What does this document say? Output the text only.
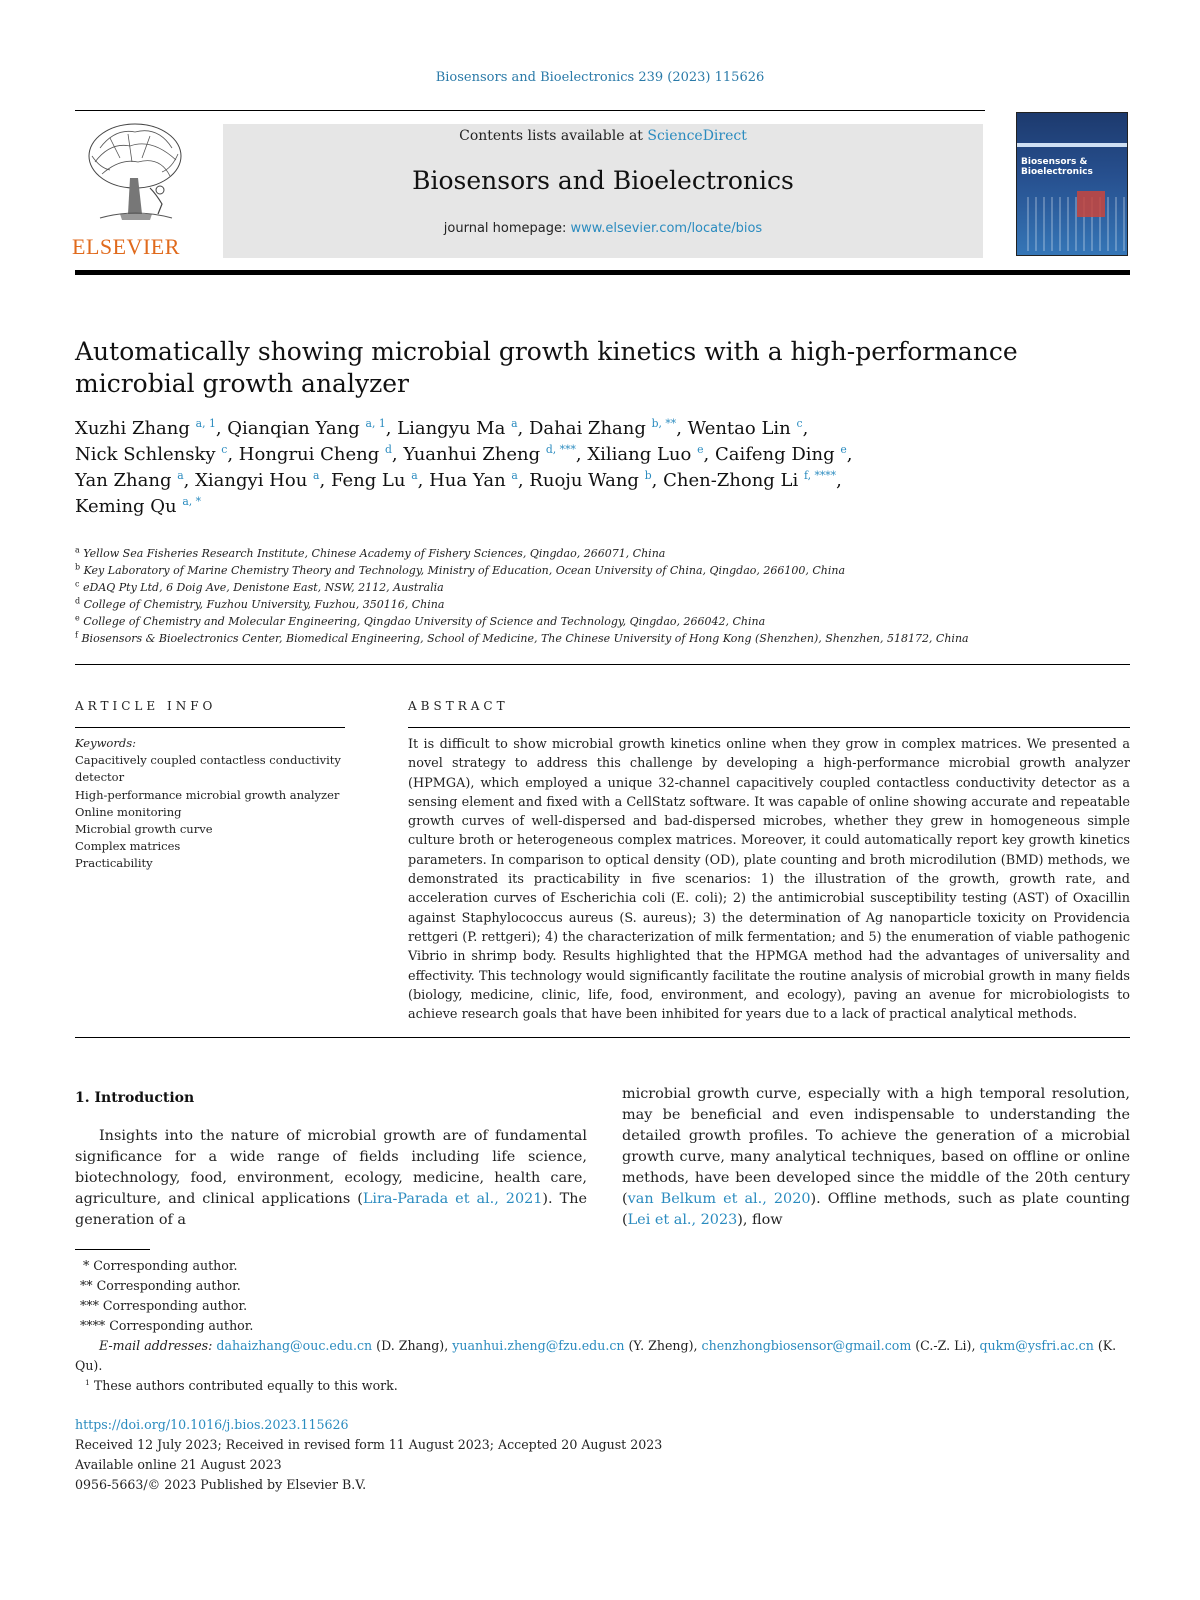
Biosensors and Bioelectronics 239 (2023) 115626
ELSEVIER
Contents lists available at ScienceDirect
Biosensors and Bioelectronics
journal homepage: www.elsevier.com/locate/bios
Biosensors & Bioelectronics
Automatically showing microbial growth kinetics with a high-performance
microbial growth analyzer
Xuzhi Zhang $^{a, 1}$, Qianqian Yang $^{a, 1}$, Liangyu Ma $^a$, Dahai Zhang $^{b, **}$, Wentao Lin $^c$,
Nick Schlensky $^c$, Hongrui Cheng $^d$, Yuanhui Zheng $^{d, ***}$, Xiliang Luo $^e$, Caifeng Ding $^e$,
Yan Zhang $^a$, Xiangyi Hou $^a$, Feng Lu $^a$, Hua Yan $^a$, Ruoju Wang $^b$, Chen-Zhong Li $^{f, ****}$,
Keming Qu $^{a, *}$
$^a$ Yellow Sea Fisheries Research Institute, Chinese Academy of Fishery Sciences, Qingdao, 266071, China
$^b$ Key Laboratory of Marine Chemistry Theory and Technology, Ministry of Education, Ocean University of China, Qingdao, 266100, China
$^c$ eDAQ Pty Ltd, 6 Doig Ave, Denistone East, NSW, 2112, Australia
$^d$ College of Chemistry, Fuzhou University, Fuzhou, 350116, China
$^e$ College of Chemistry and Molecular Engineering, Qingdao University of Science and Technology, Qingdao, 266042, China
$^f$ Biosensors & Bioelectronics Center, Biomedical Engineering, School of Medicine, The Chinese University of Hong Kong (Shenzhen), Shenzhen, 518172, China
ARTICLE INFO
Keywords:
Capacitively coupled contactless conductivity
detector
High-performance microbial growth analyzer
Online monitoring
Microbial growth curve
Complex matrices
Practicability
ABSTRACT
It is difficult to show microbial growth kinetics online when they grow in complex matrices. We presented a novel strategy to address this challenge by developing a high-performance microbial growth analyzer (HPMGA), which employed a unique 32-channel capacitively coupled contactless conductivity detector as a sensing element and fixed with a CellStatz software. It was capable of online showing accurate and repeatable growth curves of well-dispersed and bad-dispersed microbes, whether they grew in homogeneous simple culture broth or heterogeneous complex matrices. Moreover, it could automatically report key growth kinetics parameters. In comparison to optical density (OD), plate counting and broth microdilution (BMD) methods, we demonstrated its practicability in five scenarios: 1) the illustration of the growth, growth rate, and acceleration curves of Escherichia coli (E. coli); 2) the antimicrobial susceptibility testing (AST) of Oxacillin against Staphylococcus aureus (S. aureus); 3) the determination of Ag nanoparticle toxicity on Providencia rettgeri (P. rettgeri); 4) the characterization of milk fermentation; and 5) the enumeration of viable pathogenic Vibrio in shrimp body. Results highlighted that the HPMGA method had the advantages of universality and effectivity. This technology would significantly facilitate the routine analysis of microbial growth in many fields (biology, medicine, clinic, life, food, environment, and ecology), paving an avenue for microbiologists to achieve research goals that have been inhibited for years due to a lack of practical analytical methods.
1. Introduction
Insights into the nature of microbial growth are of fundamental significance for a wide range of fields including life science, biotechnology, food, environment, ecology, medicine, health care, agriculture, and clinical applications (Lira-Parada et al., 2021). The generation of a
microbial growth curve, especially with a high temporal resolution, may be beneficial and even indispensable to understanding the detailed growth profiles. To achieve the generation of a microbial growth curve, many analytical techniques, based on offline or online methods, have been developed since the middle of the 20th century (van Belkum et al., 2020). Offline methods, such as plate counting (Lei et al., 2023), flow
* Corresponding author.
** Corresponding author.
*** Corresponding author.
**** Corresponding author.
E-mail addresses: dahaizhang@ouc.edu.cn (D. Zhang), yuanhui.zheng@fzu.edu.cn (Y. Zheng), chenzhongbiosensor@gmail.com (C.-Z. Li), qukm@ysfri.ac.cn (K. Qu).
$^1$ These authors contributed equally to this work.
https://doi.org/10.1016/j.bios.2023.115626
Received 12 July 2023; Received in revised form 11 August 2023; Accepted 20 August 2023
Available online 21 August 2023
0956-5663/© 2023 Published by Elsevier B.V.
